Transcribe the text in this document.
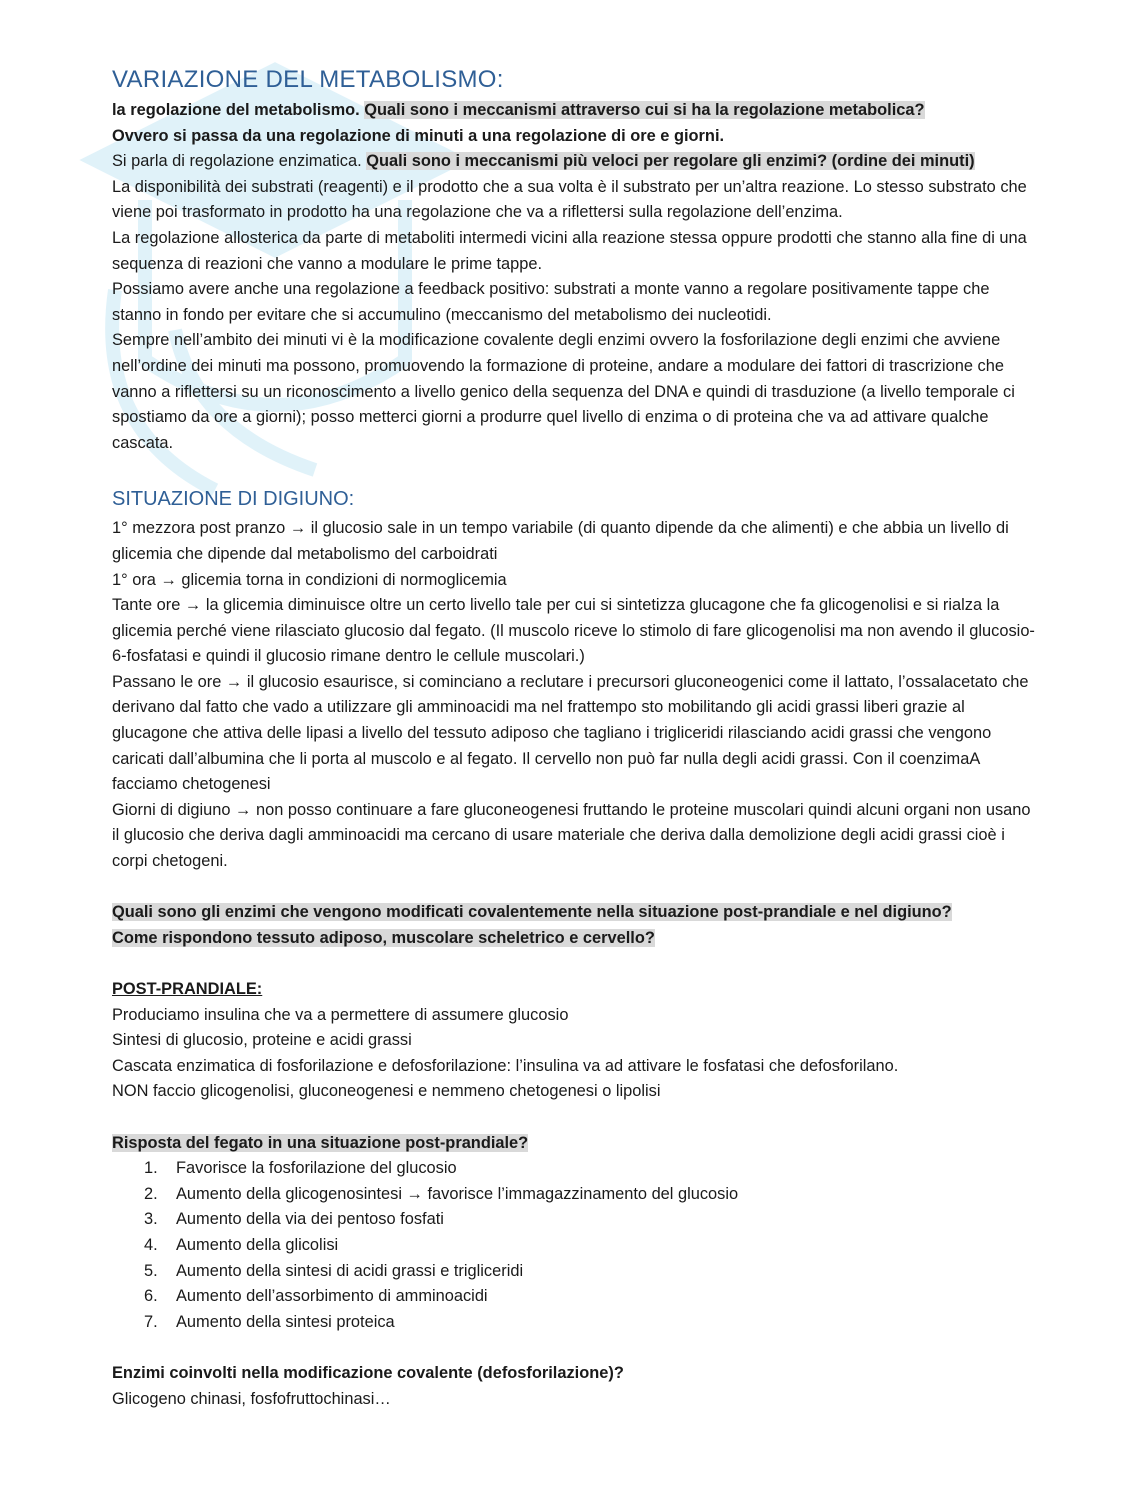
VARIAZIONE DEL METABOLISMO:

la regolazione del metabolismo. Quali sono i meccanismi attraverso cui si ha la regolazione metabolica?

Ovvero si passa da una regolazione di minuti a una regolazione di ore e giorni.

Si parla di regolazione enzimatica. Quali sono i meccanismi più veloci per regolare gli enzimi? (ordine dei minuti)

La disponibilità dei substrati (reagenti) e il prodotto che a sua volta è il substrato per un’altra reazione. Lo stesso substrato che viene poi trasformato in prodotto ha una regolazione che va a riflettersi sulla regolazione dell’enzima.

La regolazione allosterica da parte di metaboliti intermedi vicini alla reazione stessa oppure prodotti che stanno alla fine di una sequenza di reazioni che vanno a modulare le prime tappe.

Possiamo avere anche una regolazione a feedback positivo: substrati a monte vanno a regolare positivamente tappe che stanno in fondo per evitare che si accumulino (meccanismo del metabolismo dei nucleotidi.

Sempre nell’ambito dei minuti vi è la modificazione covalente degli enzimi ovvero la fosforilazione degli enzimi che avviene nell’ordine dei minuti ma possono, promuovendo la formazione di proteine, andare a modulare dei fattori di trascrizione che vanno a riflettersi su un riconoscimento a livello genico della sequenza del DNA e quindi di trasduzione (a livello temporale ci spostiamo da ore a giorni); posso metterci giorni a produrre quel livello di enzima o di proteina che va ad attivare qualche cascata.

SITUAZIONE DI DIGIUNO:

1° mezzora post pranzo → il glucosio sale in un tempo variabile (di quanto dipende da che alimenti) e che abbia un livello di glicemia che dipende dal metabolismo del carboidrati

1° ora → glicemia torna in condizioni di normoglicemia

Tante ore → la glicemia diminuisce oltre un certo livello tale per cui si sintetizza glucagone che fa glicogenolisi e si rialza la glicemia perché viene rilasciato glucosio dal fegato. (Il muscolo riceve lo stimolo di fare glicogenolisi ma non avendo il glucosio-6-fosfatasi e quindi il glucosio rimane dentro le cellule muscolari.)

Passano le ore → il glucosio esaurisce, si cominciano a reclutare i precursori gluconeogenici come il lattato, l’ossalacetato che derivano dal fatto che vado a utilizzare gli amminoacidi ma nel frattempo sto mobilitando gli acidi grassi liberi grazie al glucagone che attiva delle lipasi a livello del tessuto adiposo che tagliano i trigliceridi rilasciando acidi grassi che vengono caricati dall’albumina che li porta al muscolo e al fegato. Il cervello non può far nulla degli acidi grassi. Con il coenzimaA facciamo chetogenesi

Giorni di digiuno → non posso continuare a fare gluconeogenesi fruttando le proteine muscolari quindi alcuni organi non usano il glucosio che deriva dagli amminoacidi ma cercano di usare materiale che deriva dalla demolizione degli acidi grassi cioè i corpi chetogeni.

Quali sono gli enzimi che vengono modificati covalentemente nella situazione post-prandiale e nel digiuno?

Come rispondono tessuto adiposo, muscolare scheletrico e cervello?

POST-PRANDIALE:

Produciamo insulina che va a permettere di assumere glucosio

Sintesi di glucosio, proteine e acidi grassi

Cascata enzimatica di fosforilazione e defosforilazione: l’insulina va ad attivare le fosfatasi che defosforilano.

NON faccio glicogenolisi, gluconeogenesi e nemmeno chetogenesi o lipolisi

Risposta del fegato in una situazione post-prandiale?

1. Favorisce la fosforilazione del glucosio
2. Aumento della glicogenosintesi → favorisce l’immagazzinamento del glucosio
3. Aumento della via dei pentoso fosfati
4. Aumento della glicolisi
5. Aumento della sintesi di acidi grassi e trigliceridi
6. Aumento dell’assorbimento di amminoacidi
7. Aumento della sintesi proteica

Enzimi coinvolti nella modificazione covalente (defosforilazione)?

Glicogeno chinasi, fosfofruttochinasi…
